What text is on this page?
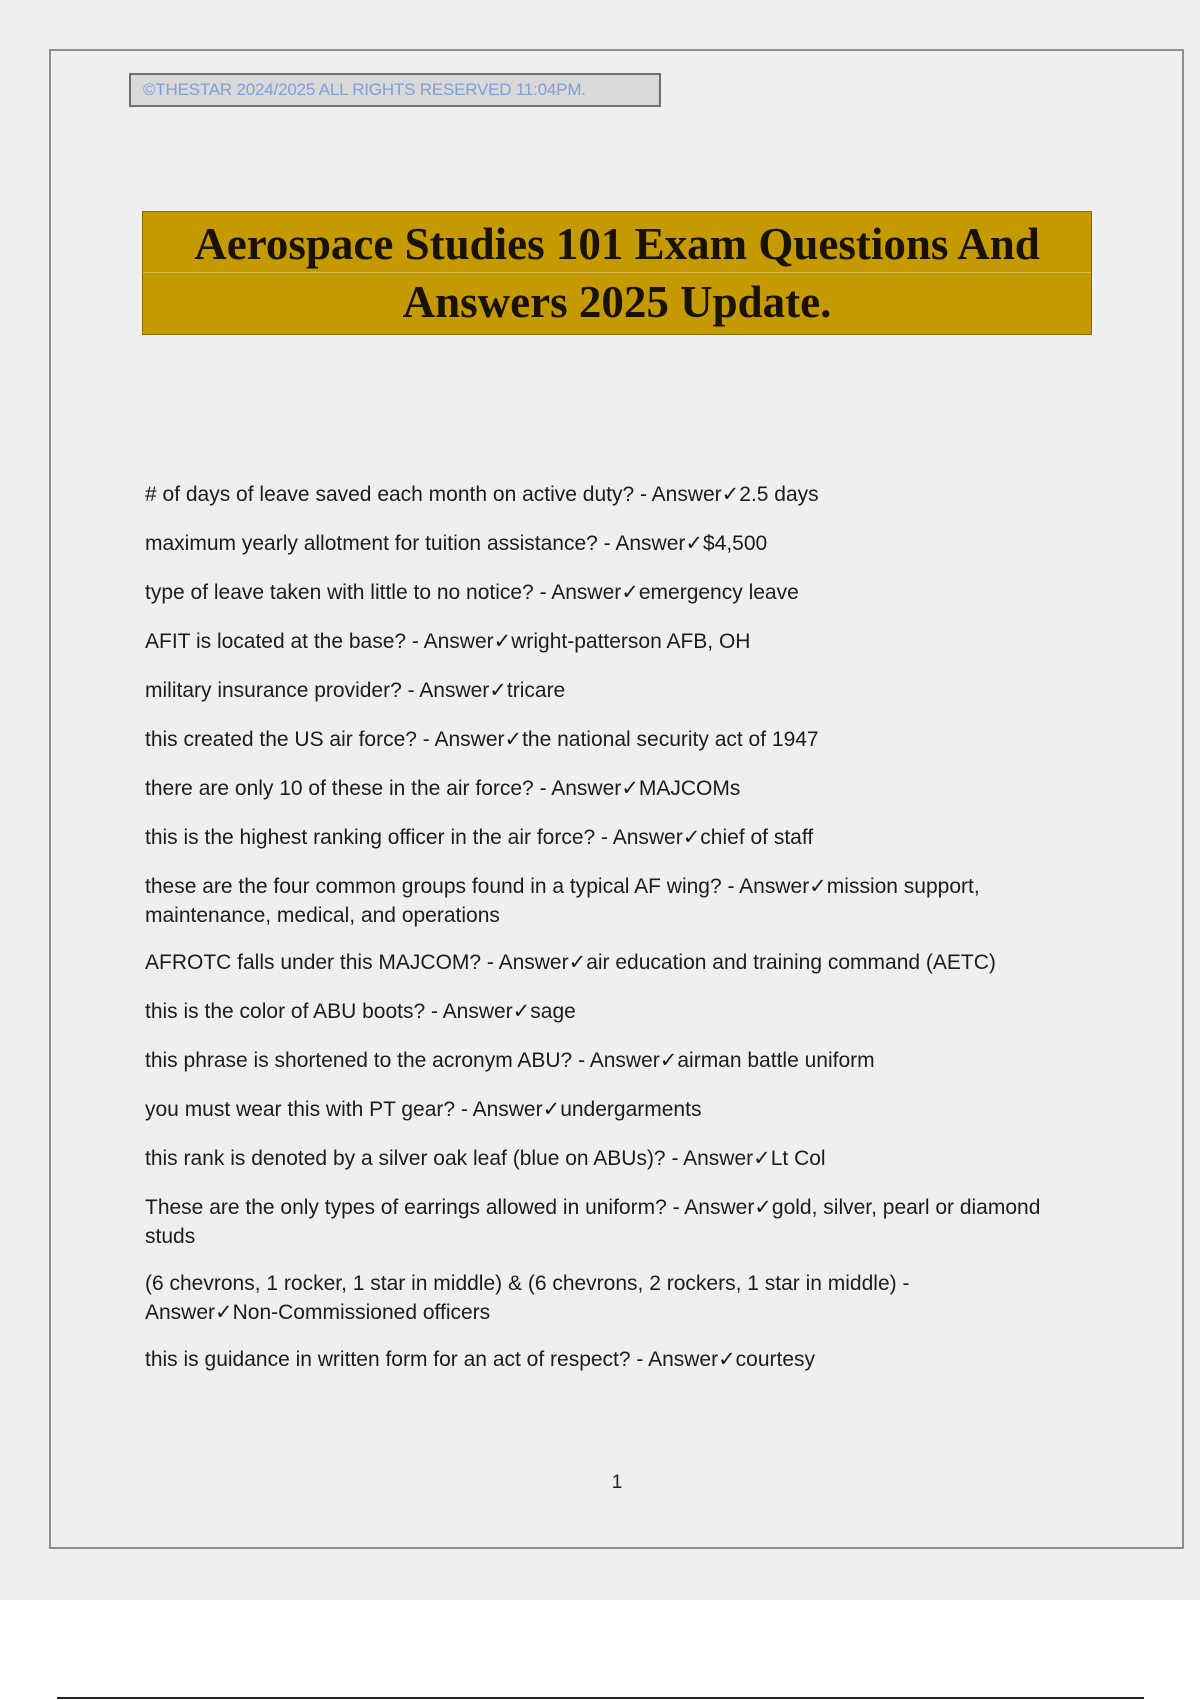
©THESTAR 2024/2025 ALL RIGHTS RESERVED 11:04PM.
Aerospace Studies 101 Exam Questions And
Answers 2025 Update.
# of days of leave saved each month on active duty? - Answer✓2.5 days
maximum yearly allotment for tuition assistance? - Answer✓$4,500
type of leave taken with little to no notice? - Answer✓emergency leave
AFIT is located at the base? - Answer✓wright-patterson AFB, OH
military insurance provider? - Answer✓tricare
this created the US air force? - Answer✓the national security act of 1947
there are only 10 of these in the air force? - Answer✓MAJCOMs
this is the highest ranking officer in the air force? - Answer✓chief of staff
these are the four common groups found in a typical AF wing? - Answer✓mission support, maintenance, medical, and operations
AFROTC falls under this MAJCOM? - Answer✓air education and training command (AETC)
this is the color of ABU boots? - Answer✓sage
this phrase is shortened to the acronym ABU? - Answer✓airman battle uniform
you must wear this with PT gear? - Answer✓undergarments
this rank is denoted by a silver oak leaf (blue on ABUs)? - Answer✓Lt Col
These are the only types of earrings allowed in uniform? - Answer✓gold, silver, pearl or diamond studs
(6 chevrons, 1 rocker, 1 star in middle) & (6 chevrons, 2 rockers, 1 star in middle) - Answer✓Non-Commissioned officers
this is guidance in written form for an act of respect? - Answer✓courtesy
1
